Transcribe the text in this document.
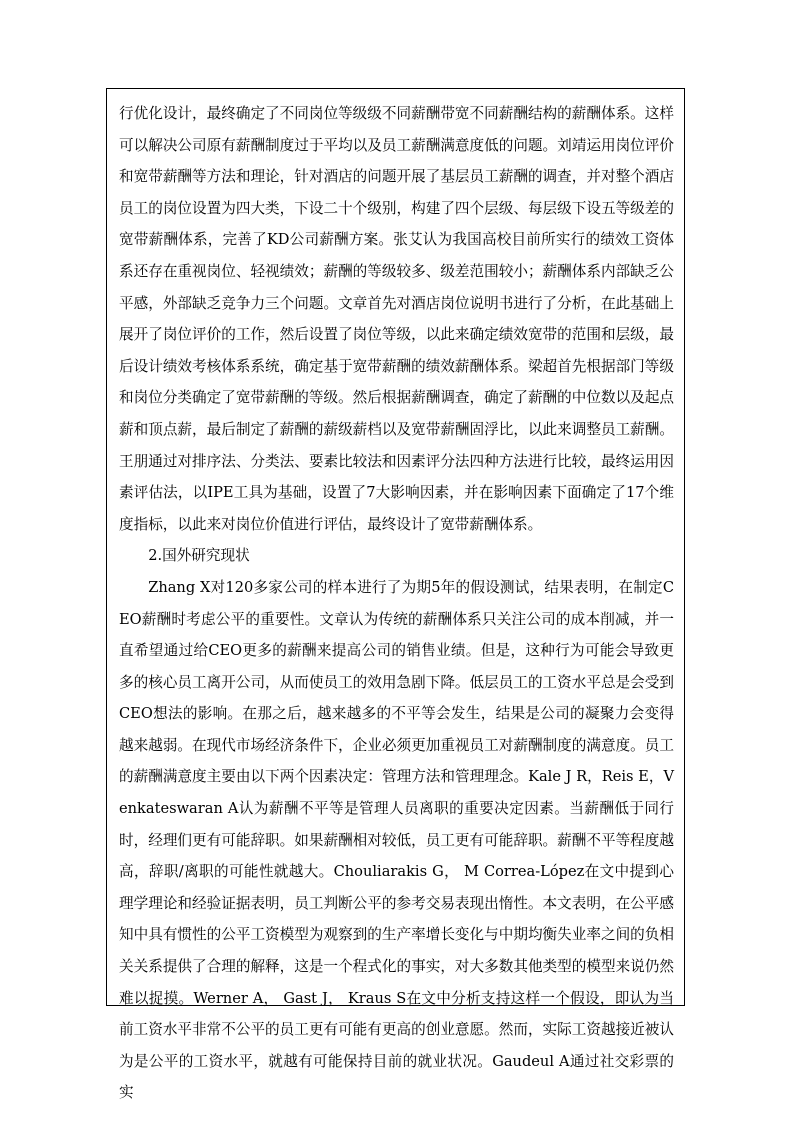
行优化设计，最终确定了不同岗位等级级不同薪酬带宽不同薪酬结构的薪酬体系。这样可以解决公司原有薪酬制度过于平均以及员工薪酬满意度低的问题。刘靖运用岗位评价和宽带薪酬等方法和理论，针对酒店的问题开展了基层员工薪酬的调查，并对整个酒店员工的岗位设置为四大类，下设二十个级别，构建了四个层级、每层级下设五等级差的宽带薪酬体系，完善了KD公司薪酬方案。张艾认为我国高校目前所实行的绩效工资体系还存在重视岗位、轻视绩效；薪酬的等级较多、级差范围较小；薪酬体系内部缺乏公平感，外部缺乏竞争力三个问题。文章首先对酒店岗位说明书进行了分析，在此基础上展开了岗位评价的工作，然后设置了岗位等级，以此来确定绩效宽带的范围和层级，最后设计绩效考核体系系统，确定基于宽带薪酬的绩效薪酬体系。梁超首先根据部门等级和岗位分类确定了宽带薪酬的等级。然后根据薪酬调查，确定了薪酬的中位数以及起点薪和顶点薪，最后制定了薪酬的薪级薪档以及宽带薪酬固浮比，以此来调整员工薪酬。王朋通过对排序法、分类法、要素比较法和因素评分法四种方法进行比较，最终运用因素评估法，以IPE工具为基础，设置了7大影响因素，并在影响因素下面确定了17个维度指标，以此来对岗位价值进行评估，最终设计了宽带薪酬体系。

2.国外研究现状

Zhang X对120多家公司的样本进行了为期5年的假设测试，结果表明，在制定CEO薪酬时考虑公平的重要性。文章认为传统的薪酬体系只关注公司的成本削减，并一直希望通过给CEO更多的薪酬来提高公司的销售业绩。但是，这种行为可能会导致更多的核心员工离开公司，从而使员工的效用急剧下降。低层员工的工资水平总是会受到CEO想法的影响。在那之后，越来越多的不平等会发生，结果是公司的凝聚力会变得越来越弱。在现代市场经济条件下，企业必须更加重视员工对薪酬制度的满意度。员工的薪酬满意度主要由以下两个因素决定：管理方法和管理理念。Kale J R，Reis E，Venkateswaran A认为薪酬不平等是管理人员离职的重要决定因素。当薪酬低于同行时，经理们更有可能辞职。如果薪酬相对较低，员工更有可能辞职。薪酬不平等程度越高，辞职/离职的可能性就越大。Chouliarakis G， M Correa-López在文中提到心理学理论和经验证据表明，员工判断公平的参考交易表现出惰性。本文表明，在公平感知中具有惯性的公平工资模型为观察到的生产率增长变化与中期均衡失业率之间的负相关关系提供了合理的解释，这是一个程式化的事实，对大多数其他类型的模型来说仍然难以捉摸。Werner A， Gast J， Kraus S在文中分析支持这样一个假设，即认为当前工资水平非常不公平的员工更有可能有更高的创业意愿。然而，实际工资越接近被认为是公平的工资水平，就越有可能保持目前的就业状况。Gaudeul A通过社交彩票的实
